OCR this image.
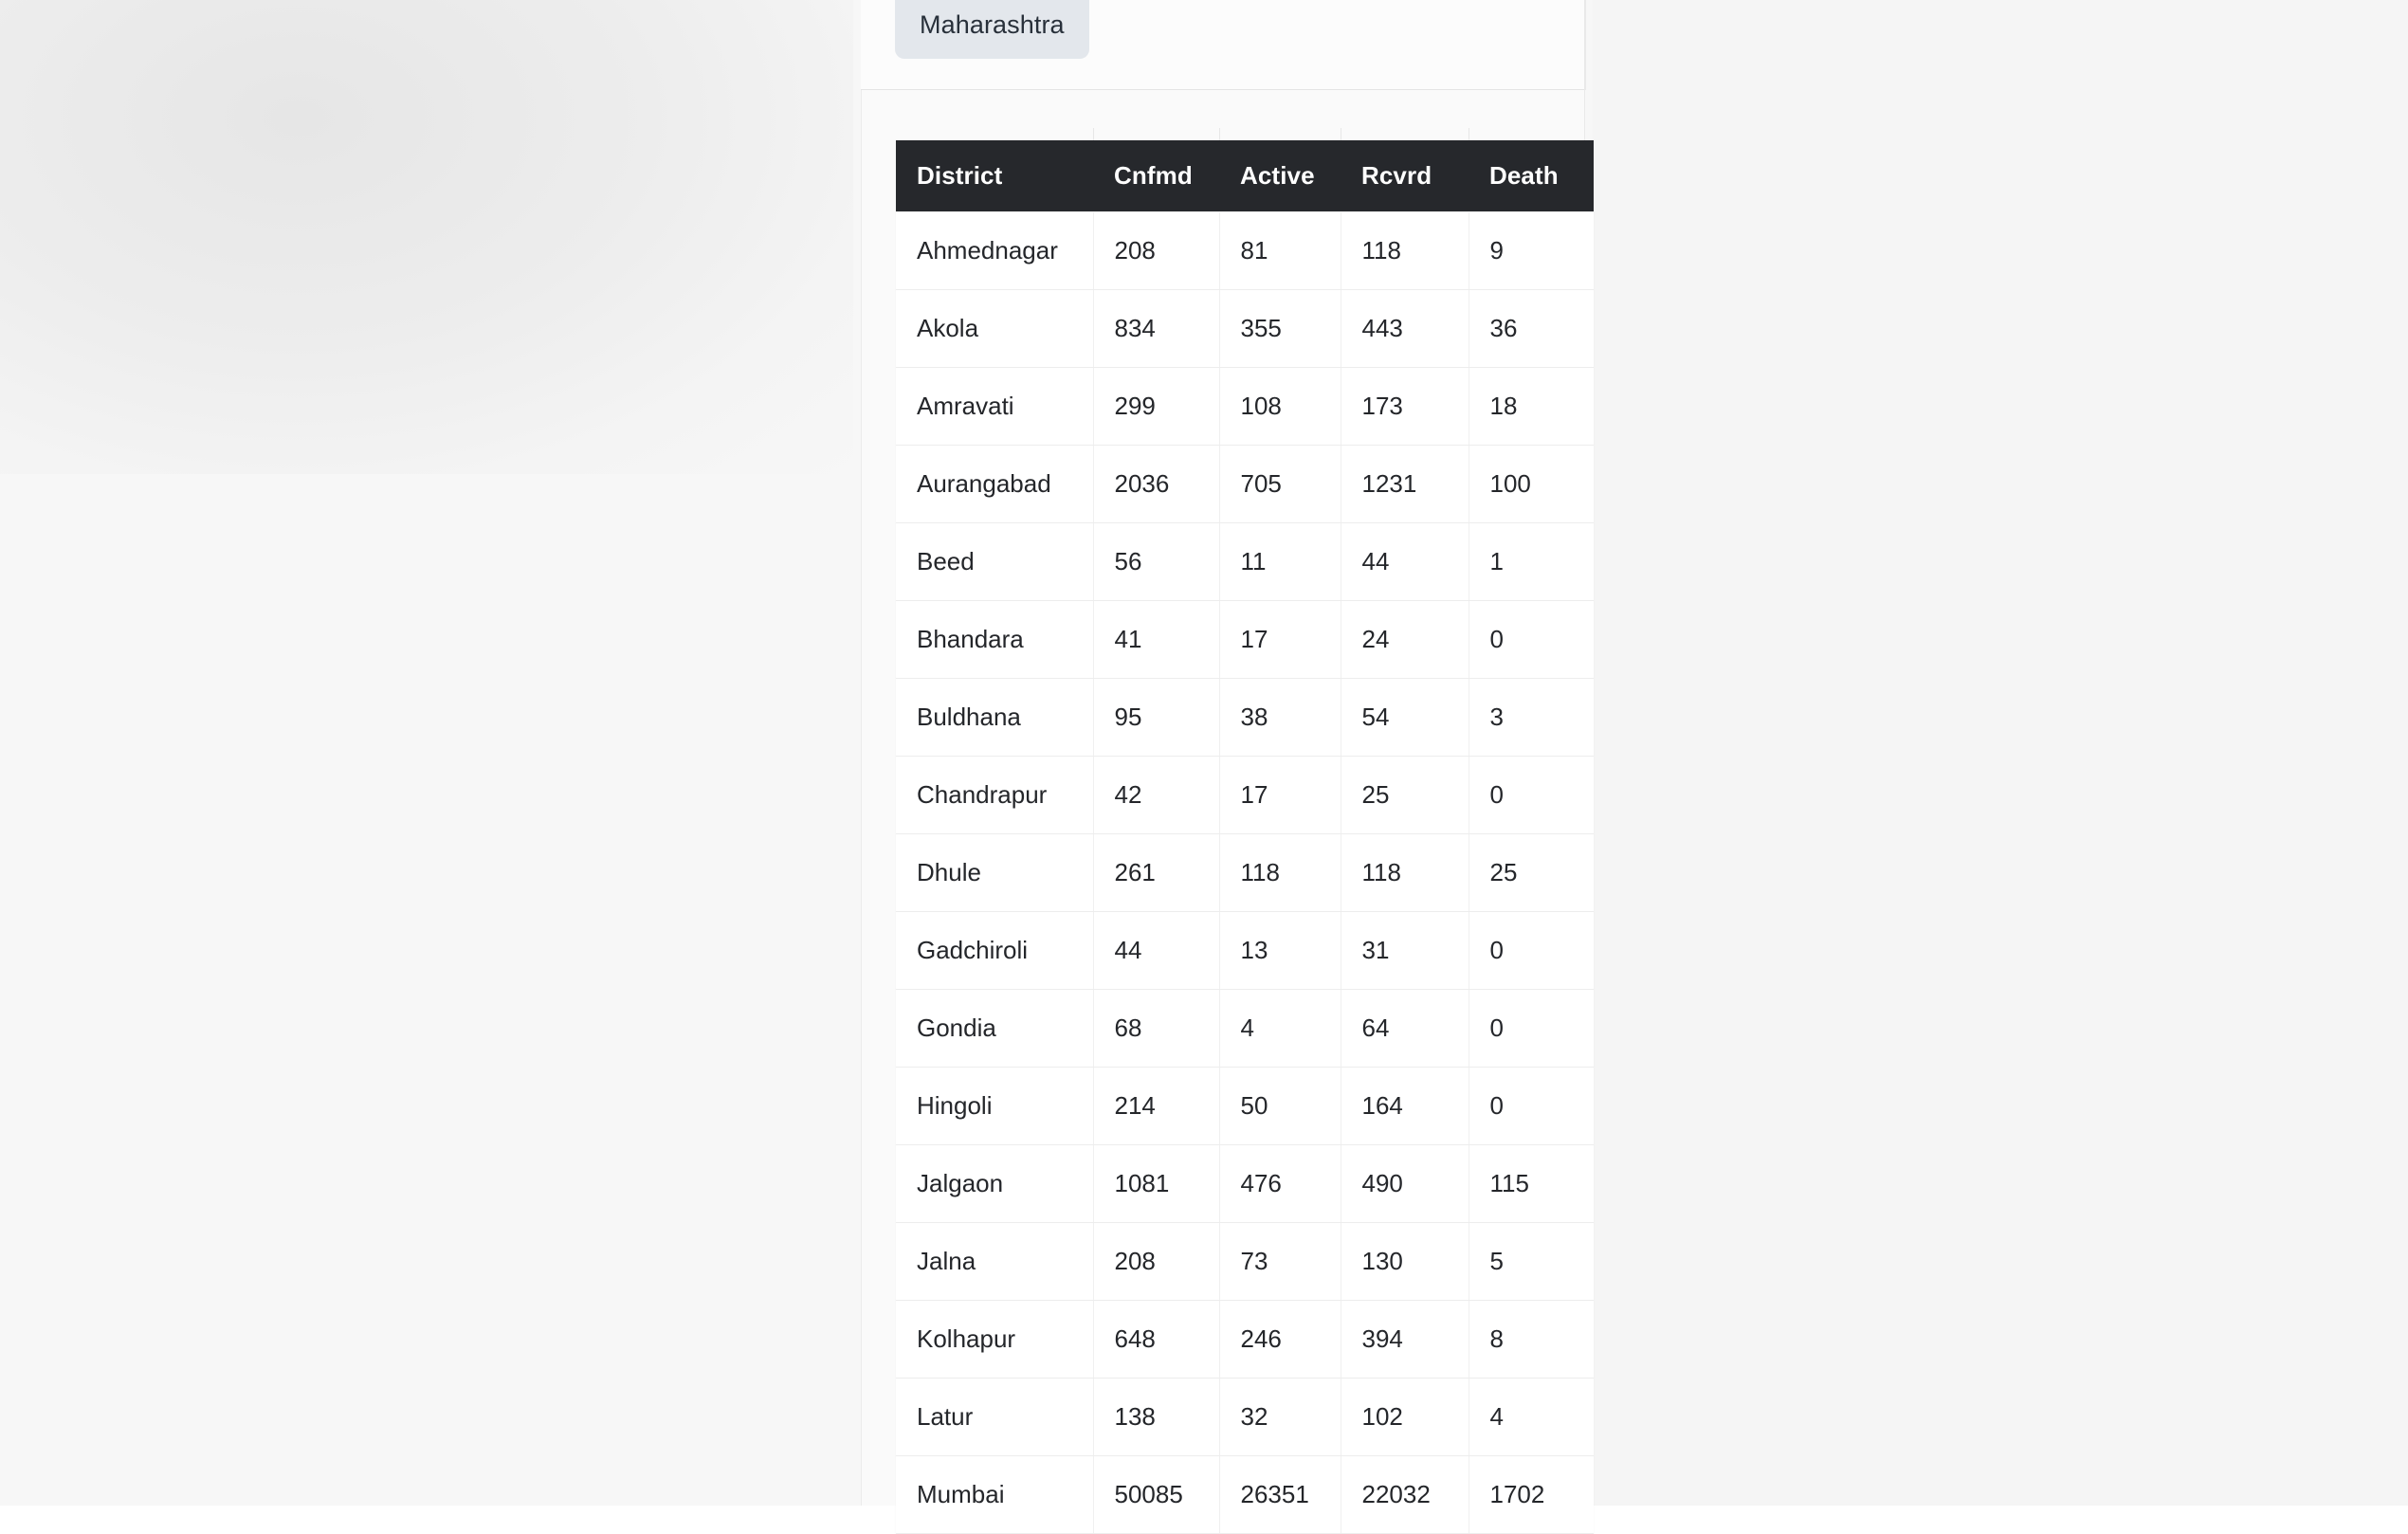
Maharashtra
District	Cnfmd	Active	Rcvrd	Death
Ahmednagar	208	81	118	9
Akola	834	355	443	36
Amravati	299	108	173	18
Aurangabad	2036	705	1231	100
Beed	56	11	44	1
Bhandara	41	17	24	0
Buldhana	95	38	54	3
Chandrapur	42	17	25	0
Dhule	261	118	118	25
Gadchiroli	44	13	31	0
Gondia	68	4	64	0
Hingoli	214	50	164	0
Jalgaon	1081	476	490	115
Jalna	208	73	130	5
Kolhapur	648	246	394	8
Latur	138	32	102	4
Mumbai	50085	26351	22032	1702
